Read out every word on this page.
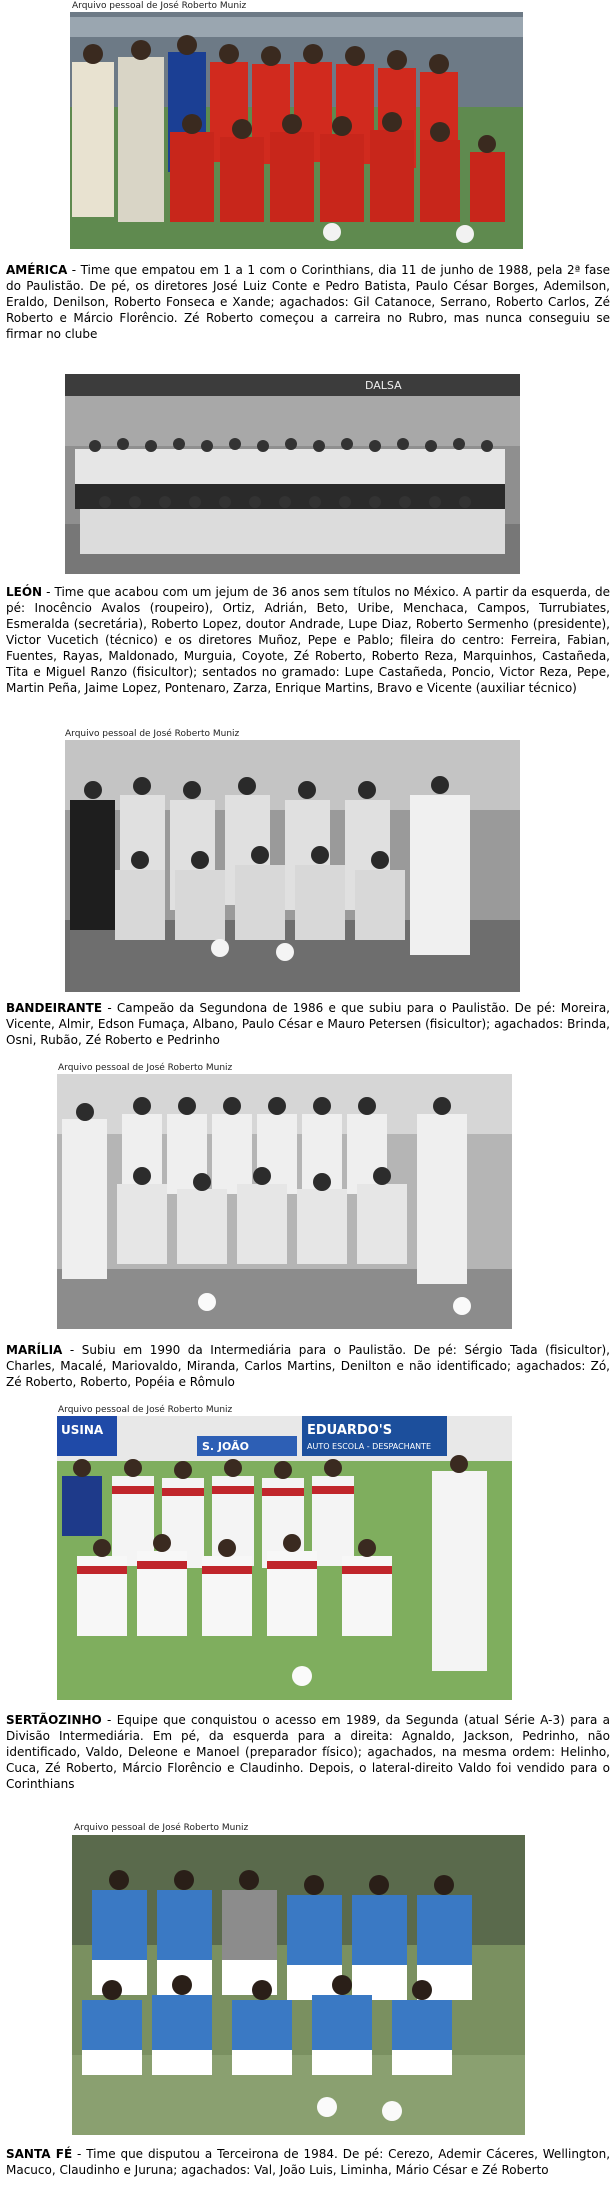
Arquivo pessoal de José Roberto Muniz
AMÉRICA - Time que empatou em 1 a 1 com o Corinthians, dia 11 de junho de 1988, pela 2ª fase do Paulistão. De pé, os diretores José Luiz Conte e Pedro Batista, Paulo César Borges, Ademilson, Eraldo, Denilson, Roberto Fonseca e Xande; agachados: Gil Catanoce, Serrano, Roberto Carlos, Zé Roberto e Márcio Florêncio. Zé Roberto começou a carreira no Rubro, mas nunca conseguiu se firmar no clube
DALSA
LEÓN - Time que acabou com um jejum de 36 anos sem títulos no México. A partir da esquerda, de pé: Inocêncio Avalos (roupeiro), Ortiz, Adrián, Beto, Uribe, Menchaca, Campos, Turrubiates, Esmeralda (secretária), Roberto Lopez, doutor Andrade, Lupe Diaz, Roberto Sermenho (presidente), Victor Vucetich (técnico) e os diretores Muñoz, Pepe e Pablo; fileira do centro: Ferreira, Fabian, Fuentes, Rayas, Maldonado, Murguia, Coyote, Zé Roberto, Roberto Reza, Marquinhos, Castañeda, Tita e Miguel Ranzo (fisicultor); sentados no gramado: Lupe Castañeda, Poncio, Victor Reza, Pepe, Martin Peña, Jaime Lopez, Pontenaro, Zarza, Enrique Martins, Bravo e Vicente (auxiliar técnico)
Arquivo pessoal de José Roberto Muniz
BANDEIRANTE - Campeão da Segundona de 1986 e que subiu para o Paulistão. De pé: Moreira, Vicente, Almir, Edson Fumaça, Albano, Paulo César e Mauro Petersen (fisicultor); agachados: Brinda, Osni, Rubão, Zé Roberto e Pedrinho
Arquivo pessoal de José Roberto Muniz
MARÍLIA - Subiu em 1990 da Intermediária para o Paulistão. De pé: Sérgio Tada (fisicultor), Charles, Macalé, Mariovaldo, Miranda, Carlos Martins, Denilton e não identificado; agachados: Zó, Zé Roberto, Roberto, Popéia e Rômulo
Arquivo pessoal de José Roberto Muniz
USINA
S. JOÃO
EDUARDO'S
AUTO ESCOLA - DESPACHANTE
SERTÃOZINHO - Equipe que conquistou o acesso em 1989, da Segunda (atual Série A-3) para a Divisão Intermediária. Em pé, da esquerda para a direita: Agnaldo, Jackson, Pedrinho, não identificado, Valdo, Deleone e Manoel (preparador físico); agachados, na mesma ordem: Helinho, Cuca, Zé Roberto, Márcio Florêncio e Claudinho. Depois, o lateral-direito Valdo foi vendido para o Corinthians
Arquivo pessoal de José Roberto Muniz
SANTA FÉ - Time que disputou a Terceirona de 1984. De pé: Cerezo, Ademir Cáceres, Wellington, Macuco, Claudinho e Juruna; agachados: Val, João Luis, Liminha, Mário César e Zé Roberto
